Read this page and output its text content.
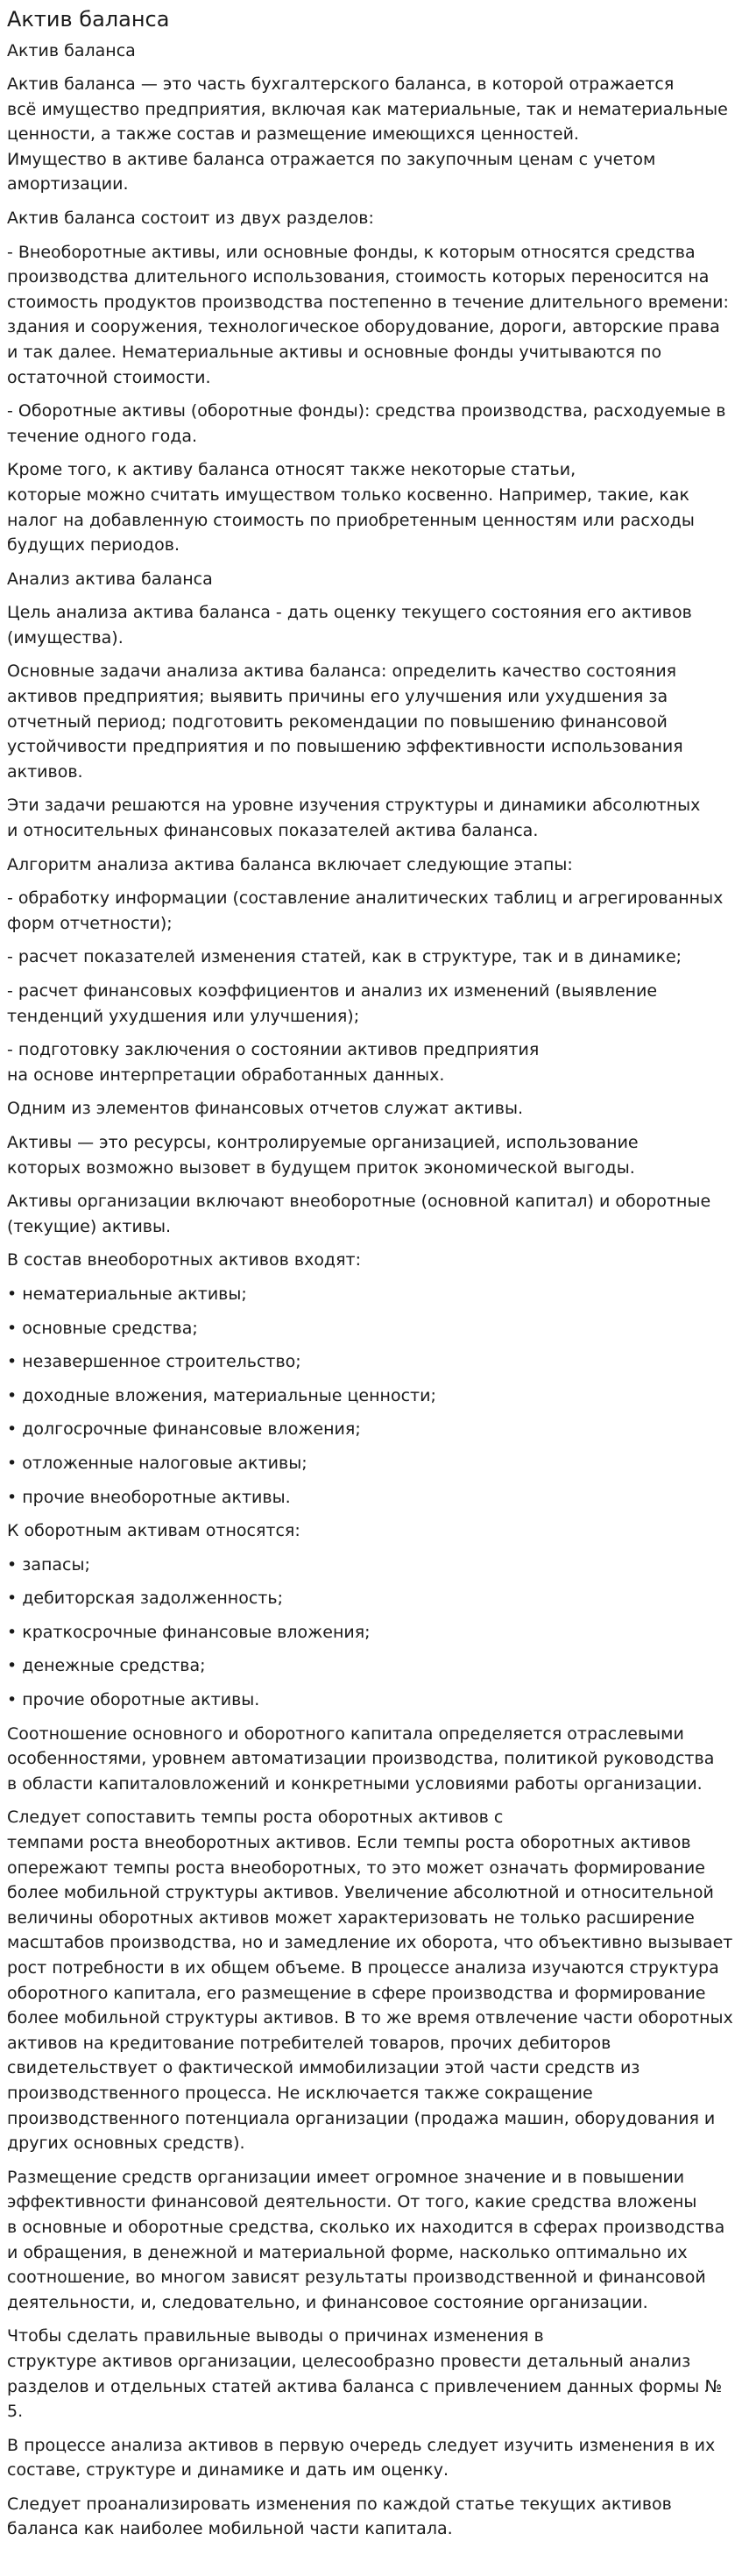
Актив баланса
Актив баланса

Актив баланса — это часть бухгалтерского баланса, в которой отражается
всё имущество предприятия, включая как материальные, так и нематериальные
ценности, а также состав и размещение имеющихся ценностей.
Имущество в активе баланса отражается по закупочным ценам с учетом
амортизации.

Актив баланса состоит из двух разделов:

- Внеоборотные активы, или основные фонды, к которым относятся средства
производства длительного использования, стоимость которых переносится на
стоимость продуктов производства постепенно в течение длительного времени:
здания и сооружения, технологическое оборудование, дороги, авторские права
и так далее. Нематериальные активы и основные фонды учитываются по
остаточной стоимости.

- Оборотные активы (оборотные фонды): средства производства, расходуемые в
течение одного года.

Кроме того, к активу баланса относят также некоторые статьи,
которые можно считать имуществом только косвенно. Например, такие, как
налог на добавленную стоимость по приобретенным ценностям или расходы
будущих периодов.

Анализ актива баланса

Цель анализа актива баланса - дать оценку текущего состояния его активов
(имущества).

Основные задачи анализа актива баланса: определить качество состояния
активов предприятия; выявить причины его улучшения или ухудшения за
отчетный период; подготовить рекомендации по повышению финансовой
устойчивости предприятия и по повышению эффективности использования
активов.

Эти задачи решаются на уровне изучения структуры и динамики абсолютных
и относительных финансовых показателей актива баланса.

Алгоритм анализа актива баланса включает следующие этапы:

- обработку информации (составление аналитических таблиц и агрегированных
форм отчетности);

- расчет показателей изменения статей, как в структуре, так и в динамике;

- расчет финансовых коэффициентов и анализ их изменений (выявление
тенденций ухудшения или улучшения);

- подготовку заключения о состоянии активов предприятия
на основе интерпретации обработанных данных.

Одним из элементов финансовых отчетов служат активы.

Активы — это ресурсы, контролируемые организацией, использование
которых возможно вызовет в будущем приток экономической выгоды.

Активы организации включают внеоборотные (основной капитал) и оборотные
(текущие) активы.

В состав внеоборотных активов входят:

• нематериальные активы;

• основные средства;

• незавершенное строительство;

• доходные вложения, материальные ценности;

• долгосрочные финансовые вложения;

• отложенные налоговые активы;

• прочие внеоборотные активы.

К оборотным активам относятся:

• запасы;

• дебиторская задолженность;

• краткосрочные финансовые вложения;

• денежные средства;

• прочие оборотные активы.

Соотношение основного и оборотного капитала определяется отраслевыми
особенностями, уровнем автоматизации производства, политикой руководства
в области капиталовложений и конкретными условиями работы организации.

Следует сопоставить темпы роста оборотных активов с
темпами роста внеоборотных активов. Если темпы роста оборотных активов
опережают темпы роста внеоборотных, то это может означать формирование
более мобильной структуры активов. Увеличение абсолютной и относительной
величины оборотных активов может характеризовать не только расширение
масштабов производства, но и замедление их оборота, что объективно вызывает
рост потребности в их общем объеме. В процессе анализа изучаются структура
оборотного капитала, его размещение в сфере производства и формирование
более мобильной структуры активов. В то же время отвлечение части оборотных
активов на кредитование потребителей товаров, прочих дебиторов
свидетельствует о фактической иммобилизации этой части средств из
производственного процесса. Не исключается также сокращение
производственного потенциала организации (продажа машин, оборудования и
других основных средств).

Размещение средств организации имеет огромное значение и в повышении
эффективности финансовой деятельности. От того, какие средства вложены
в основные и оборотные средства, сколько их находится в сферах производства
и обращения, в денежной и материальной форме, насколько оптимально их
соотношение, во многом зависят результаты производственной и финансовой
деятельности, и, следовательно, и финансовое состояние организации.

Чтобы сделать правильные выводы о причинах изменения в
структуре активов организации, целесообразно провести детальный анализ
разделов и отдельных статей актива баланса с привлечением данных формы №
5.

В процессе анализа активов в первую очередь следует изучить изменения в их
составе, структуре и динамике и дать им оценку.

Следует проанализировать изменения по каждой статье текущих активов
баланса как наиболее мобильной части капитала.
